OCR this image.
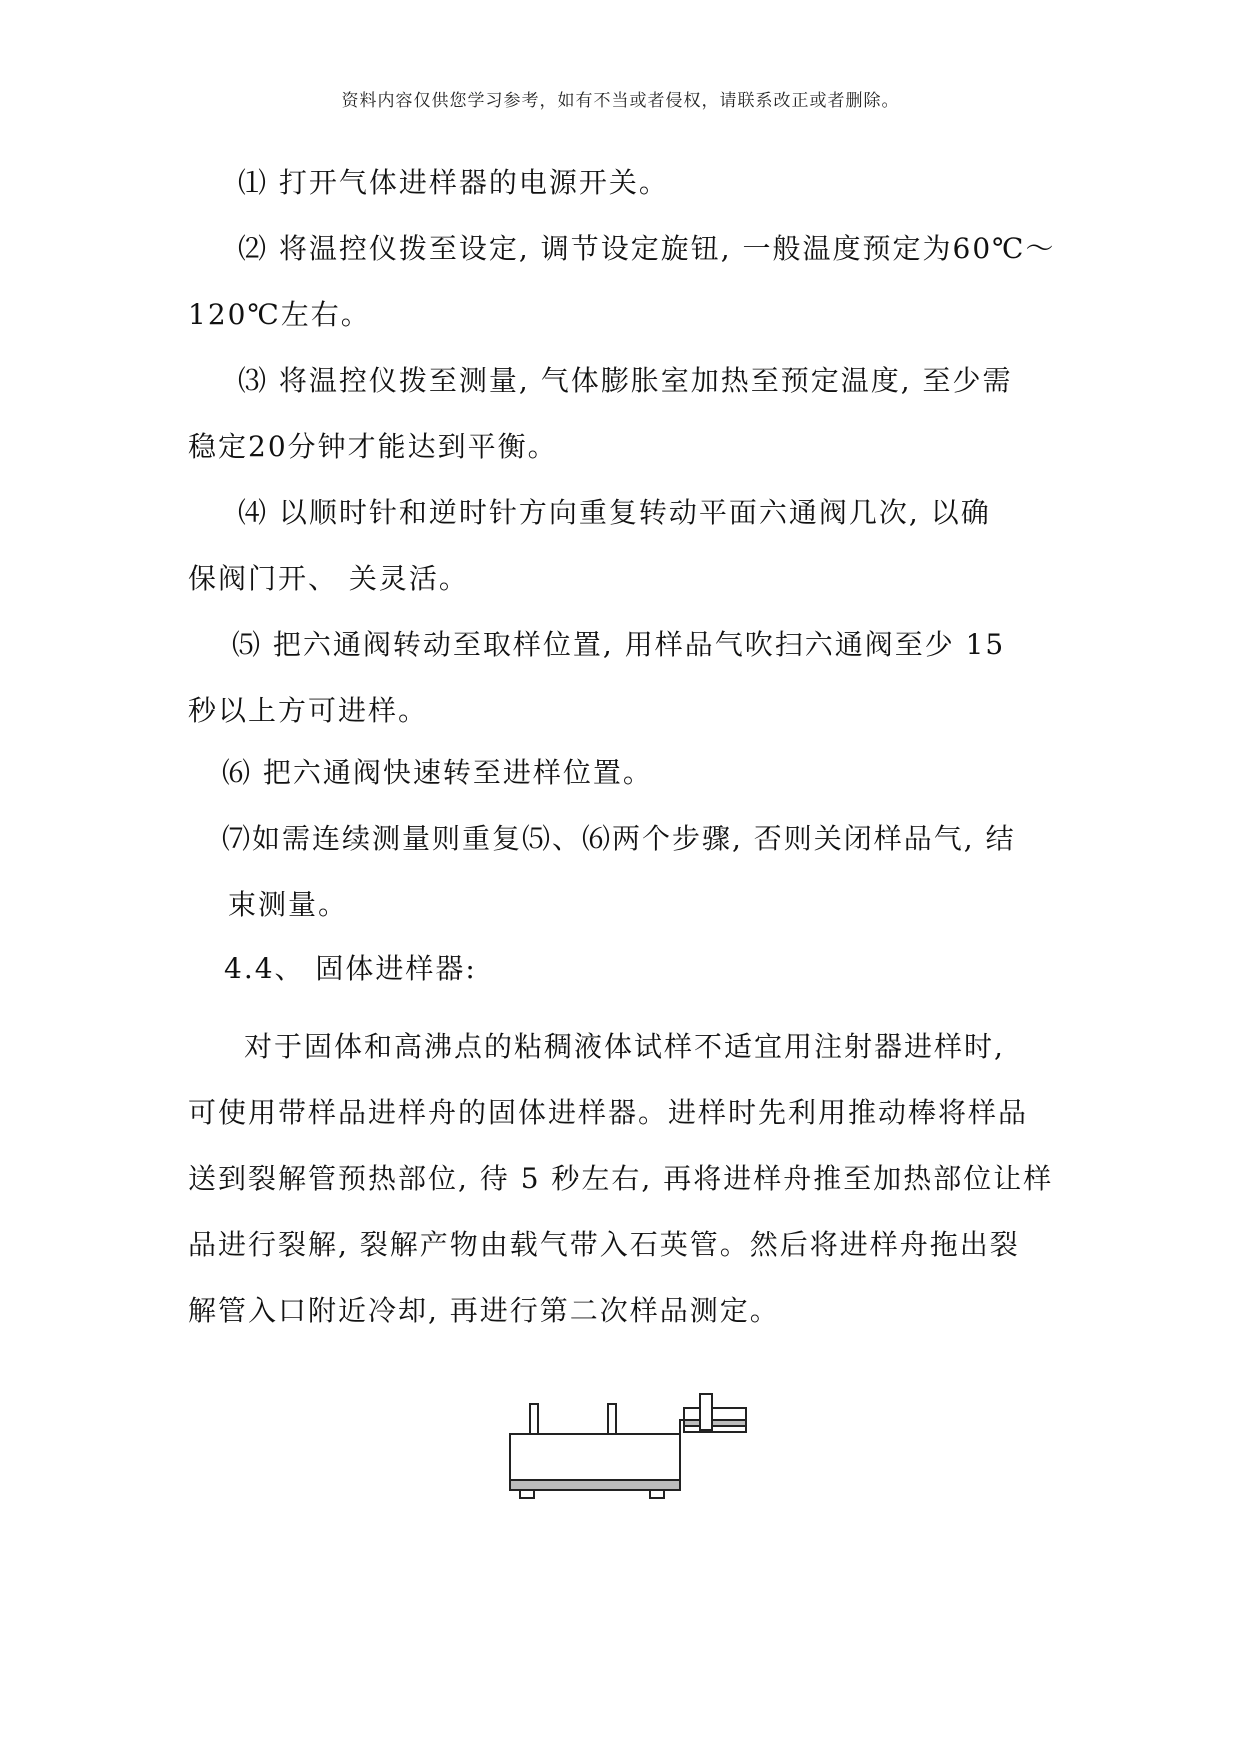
资料内容仅供您学习参考，如有不当或者侵权，请联系改正或者删除。
⑴ 打开气体进样器的电源开关。
⑵ 将温控仪拨至设定, 调节设定旋钮, 一般温度预定为60℃～
120℃左右。
⑶ 将温控仪拨至测量, 气体膨胀室加热至预定温度, 至少需
稳定20分钟才能达到平衡。
⑷ 以顺时针和逆时针方向重复转动平面六通阀几次, 以确
保阀门开、 关灵活。
⑸ 把六通阀转动至取样位置, 用样品气吹扫六通阀至少 15
秒以上方可进样。
⑹ 把六通阀快速转至进样位置。
⑺如需连续测量则重复⑸、⑹两个步骤, 否则关闭样品气, 结
束测量。
4.4、 固体进样器:
对于固体和高沸点的粘稠液体试样不适宜用注射器进样时,
可使用带样品进样舟的固体进样器。进样时先利用推动棒将样品
送到裂解管预热部位, 待 5 秒左右, 再将进样舟推至加热部位让样
品进行裂解, 裂解产物由载气带入石英管。然后将进样舟拖出裂
解管入口附近冷却, 再进行第二次样品测定。
